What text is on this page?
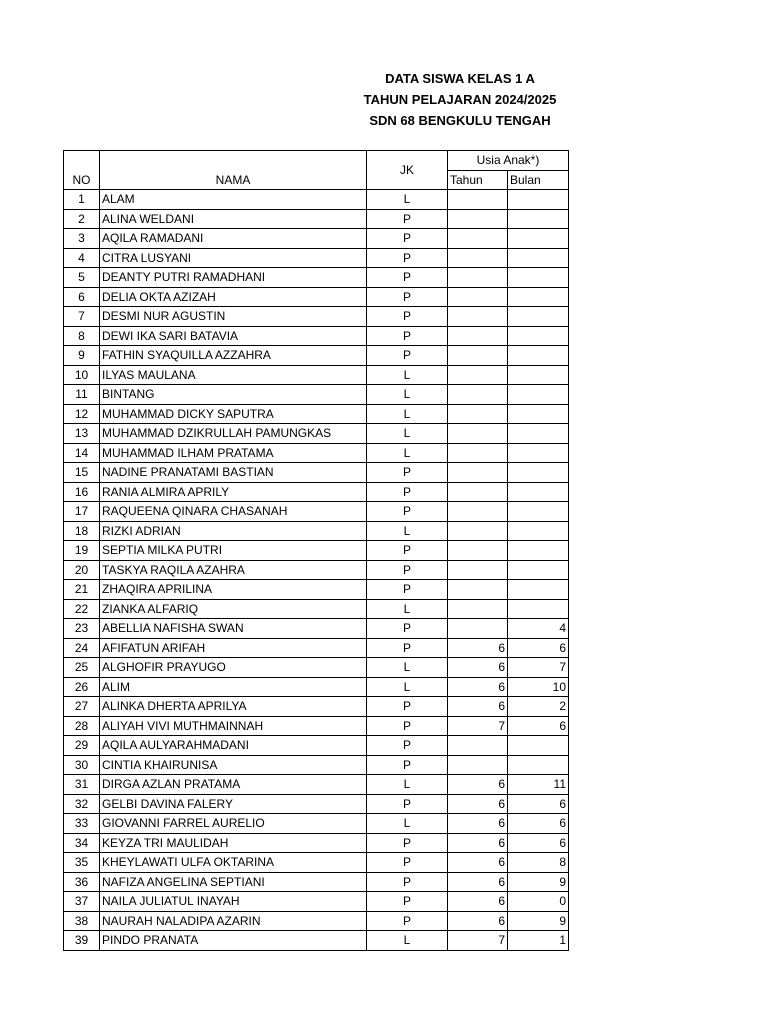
DATA SISWA KELAS 1 A
TAHUN PELAJARAN 2024/2025
SDN 68 BENGKULU TENGAH
NO	NAMA	JK	Usia Anak*)	
			Tahun	Bulan
1	ALAM	L		
2	ALINA WELDANI	P		
3	AQILA RAMADANI	P		
4	CITRA LUSYANI	P		
5	DEANTY PUTRI RAMADHANI	P		
6	DELIA OKTA AZIZAH	P		
7	DESMI NUR AGUSTIN	P		
8	DEWI IKA SARI BATAVIA	P		
9	FATHIN SYAQUILLA AZZAHRA	P		
10	ILYAS MAULANA	L		
11	BINTANG	L		
12	MUHAMMAD DICKY SAPUTRA	L		
13	MUHAMMAD DZIKRULLAH PAMUNGKAS	L		
14	MUHAMMAD ILHAM PRATAMA	L		
15	NADINE PRANATAMI BASTIAN	P		
16	RANIA ALMIRA APRILY	P		
17	RAQUEENA QINARA CHASANAH	P		
18	RIZKI ADRIAN	L		
19	SEPTIA MILKA PUTRI	P		
20	TASKYA RAQILA AZAHRA	P		
21	ZHAQIRA APRILINA	P		
22	ZIANKA ALFARIQ	L		
23	ABELLIA NAFISHA SWAN	P		4
24	AFIFATUN ARIFAH	P	6	6
25	ALGHOFIR PRAYUGO	L	6	7
26	ALIM	L	6	10
27	ALINKA DHERTA APRILYA	P	6	2
28	ALIYAH VIVI MUTHMAINNAH	P	7	6
29	AQILA AULYARAHMADANI	P		
30	CINTIA KHAIRUNISA	P		
31	DIRGA AZLAN PRATAMA	L	6	11
32	GELBI DAVINA FALERY	P	6	6
33	GIOVANNI FARREL AURELIO	L	6	6
34	KEYZA TRI MAULIDAH	P	6	6
35	KHEYLAWATI ULFA OKTARINA	P	6	8
36	NAFIZA ANGELINA SEPTIANI	P	6	9
37	NAILA JULIATUL INAYAH	P	6	0
38	NAURAH NALADIPA AZARIN	P	6	9
39	PINDO PRANATA	L	7	1
